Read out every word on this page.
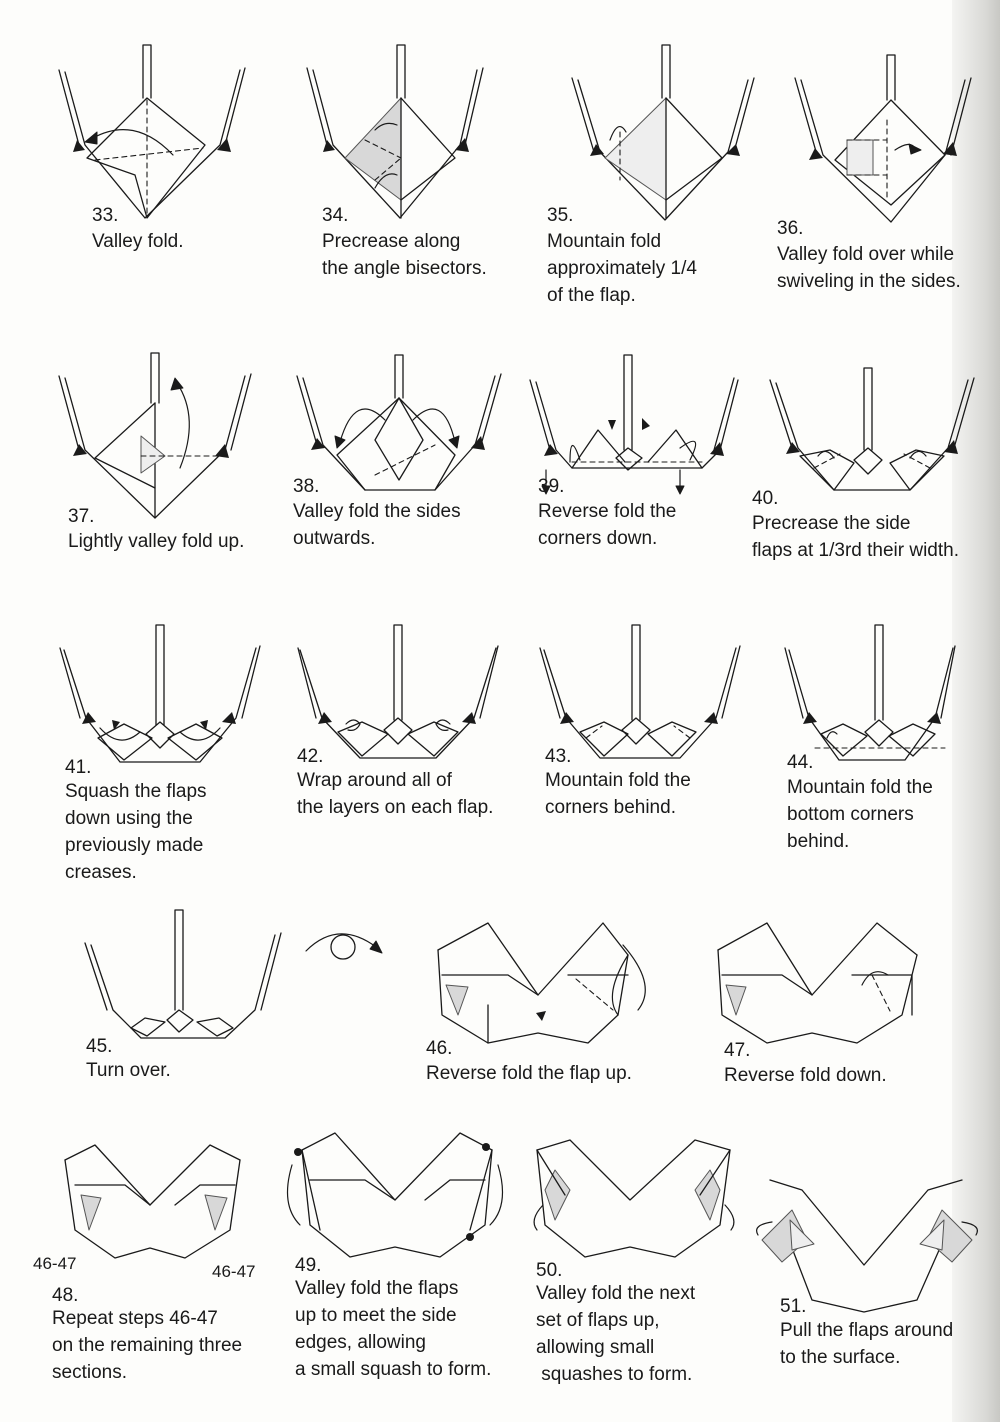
33.
Valley fold.
34.
Precrease along
the angle bisectors.
35.
Mountain fold
approximately 1/4
of the flap.
36.
Valley fold over while
swiveling in the sides.
37.
Lightly valley fold up.
38.
Valley fold the sides
outwards.
39.
Reverse fold the
corners down.
40.
Precrease the side
flaps at 1/3rd their width.
41.
Squash the flaps
down using the
previously made
creases.
42.
Wrap around all of
the layers on each flap.
43.
Mountain fold the
corners behind.
44.
Mountain fold the
bottom corners
behind.
45.
Turn over.
46.
Reverse fold the flap up.
47.
Reverse fold down.
46-47	46-47
48.
Repeat steps 46-47
on the remaining three
sections.
49.
Valley fold the flaps
up to meet the side
edges, allowing
a small squash to form.
50.
Valley fold the next
set of flaps up,
allowing small
squashes to form.
51.
Pull the flaps around
to the surface.
